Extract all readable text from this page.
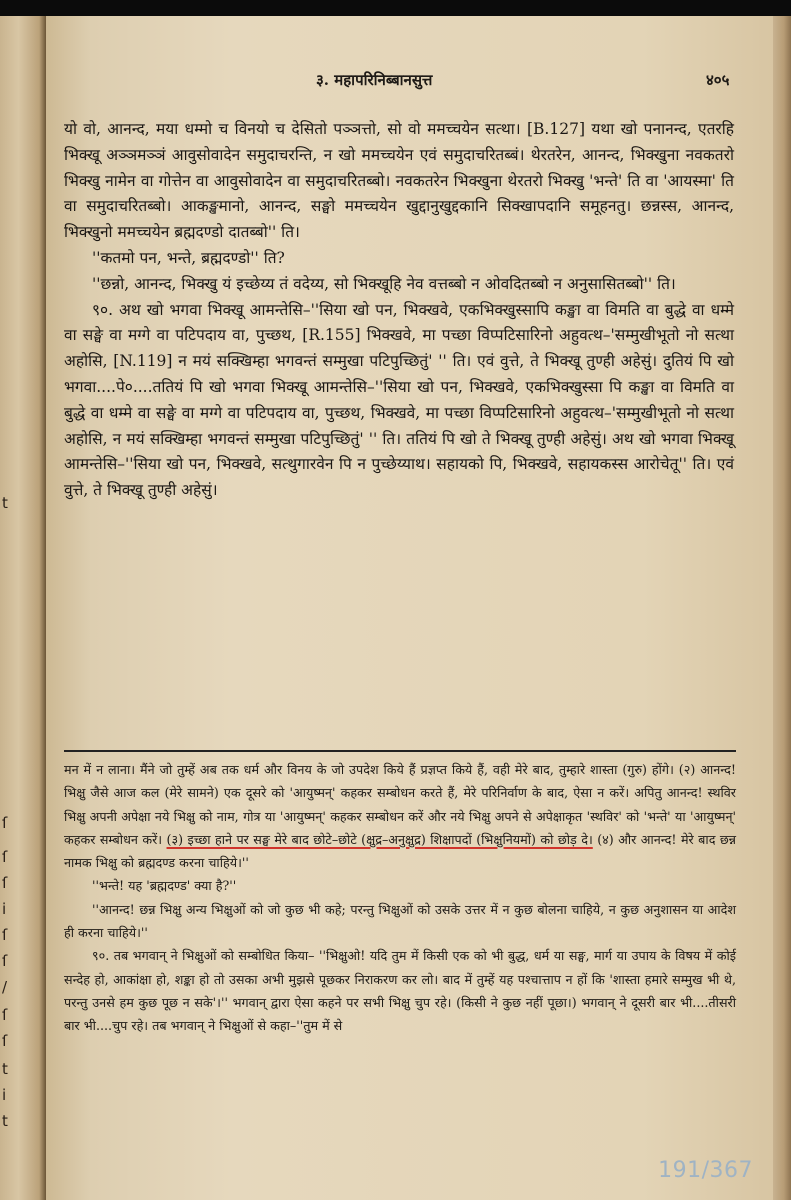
t
ſ
ſ
ſ
i
ſ
ſ
/
ſ
ſ
t
i
t
३. महापरिनिब्बानसुत्त	४०५

यो वो, आनन्द, मया धम्मो च विनयो च देसितो पञ्ञत्तो, सो वो ममच्चयेन सत्था। [B.127] यथा खो पनानन्द, एतरहि भिक्खू अञ्ञमञ्ञं आवुसोवादेन समुदाचरन्ति, न खो ममच्चयेन एवं समुदाचरितब्बं। थेरतरेन, आनन्द, भिक्खुना नवकतरो भिक्खु नामेन वा गोत्तेन वा आवुसोवादेन वा समुदाचरितब्बो। नवकतरेन भिक्खुना थेरतरो भिक्खु 'भन्ते' ति वा 'आयस्मा' ति वा समुदाचरितब्बो। आकङ्खमानो, आनन्द, सङ्घो ममच्चयेन खुद्दानुखुद्दकानि सिक्खापदानि समूहनतु। छन्नस्स, आनन्द, भिक्खुनो ममच्चयेन ब्रह्मदण्डो दातब्बो'' ति।

''कतमो पन, भन्ते, ब्रह्मदण्डो'' ति?

''छन्नो, आनन्द, भिक्खु यं इच्छेय्य तं वदेय्य, सो भिक्खूहि नेव वत्तब्बो न ओवदितब्बो न अनुसासितब्बो'' ति।

९०. अथ खो भगवा भिक्खू आमन्तेसि–''सिया खो पन, भिक्खवे, एकभिक्खुस्सापि कङ्खा वा विमति वा बुद्धे वा धम्मे वा सङ्घे वा मग्गे वा पटिपदाय वा, पुच्छथ, [R.155] भिक्खवे, मा पच्छा विप्पटिसारिनो अहुवत्थ–'सम्मुखीभूतो नो सत्था अहोसि, [N.119] न मयं सक्खिम्हा भगवन्तं सम्मुखा पटिपुच्छितुं' '' ति। एवं वुत्ते, ते भिक्खू तुण्ही अहेसुं। दुतियं पि खो भगवा....पे०....ततियं पि खो भगवा भिक्खू आमन्तेसि–''सिया खो पन, भिक्खवे, एकभिक्खुस्सा पि कङ्खा वा विमति वा बुद्धे वा धम्मे वा सङ्घे वा मग्गे वा पटिपदाय वा, पुच्छथ, भिक्खवे, मा पच्छा विप्पटिसारिनो अहुवत्थ–'सम्मुखीभूतो नो सत्था अहोसि, न मयं सक्खिम्हा भगवन्तं सम्मुखा पटिपुच्छितुं' '' ति। ततियं पि खो ते भिक्खू तुण्ही अहेसुं। अथ खो भगवा भिक्खू आमन्तेसि–''सिया खो पन, भिक्खवे, सत्थुगारवेन पि न पुच्छेय्याथ। सहायको पि, भिक्खवे, सहायकस्स आरोचेतू'' ति। एवं वुत्ते, ते भिक्खू तुण्ही अहेसुं।

मन में न लाना। मैंने जो तुम्हें अब तक धर्म और विनय के जो उपदेश किये हैं प्रज्ञप्त किये हैं, वही मेरे बाद, तुम्हारे शास्ता (गुरु) होंगे। (२) आनन्द! भिक्षु जैसे आज कल (मेरे सामने) एक दूसरे को 'आयुष्मन्' कहकर सम्बोधन करते हैं, मेरे परिनिर्वाण के बाद, ऐसा न करें। अपितु आनन्द! स्थविर भिक्षु अपनी अपेक्षा नये भिक्षु को नाम, गोत्र या 'आयुष्मन्' कहकर सम्बोधन करें और नये भिक्षु अपने से अपेक्षाकृत 'स्थविर' को 'भन्ते' या 'आयुष्मन्' कहकर सम्बोधन करें। (३) इच्छा हाने पर सङ्घ मेरे बाद छोटे–छोटे (क्षुद्र–अनुक्षुद्र) शिक्षापदों (भिक्षुनियमों) को छोड़ दे। (४) और आनन्द! मेरे बाद छन्न नामक भिक्षु को ब्रह्मदण्ड करना चाहिये।''

''भन्ते! यह 'ब्रह्मदण्ड' क्या है?''

''आनन्द! छन्न भिक्षु अन्य भिक्षुओं को जो कुछ भी कहे; परन्तु भिक्षुओं को उसके उत्तर में न कुछ बोलना चाहिये, न कुछ अनुशासन या आदेश ही करना चाहिये।''

९०. तब भगवान् ने भिक्षुओं को सम्बोधित किया– ''भिक्षुओ! यदि तुम में किसी एक को भी बुद्ध, धर्म या सङ्घ, मार्ग या उपाय के विषय में कोई सन्देह हो, आकांक्षा हो, शङ्का हो तो उसका अभी मुझसे पूछकर निराकरण कर लो। बाद में तुम्हें यह पश्चात्ताप न हों कि 'शास्ता हमारे सम्मुख भी थे, परन्तु उनसे हम कुछ पूछ न सके'।'' भगवान् द्वारा ऐसा कहने पर सभी भिक्षु चुप रहे। (किसी ने कुछ नहीं पूछा।) भगवान् ने दूसरी बार भी....तीसरी बार भी....चुप रहे। तब भगवान् ने भिक्षुओं से कहा–''तुम में से

191/367
